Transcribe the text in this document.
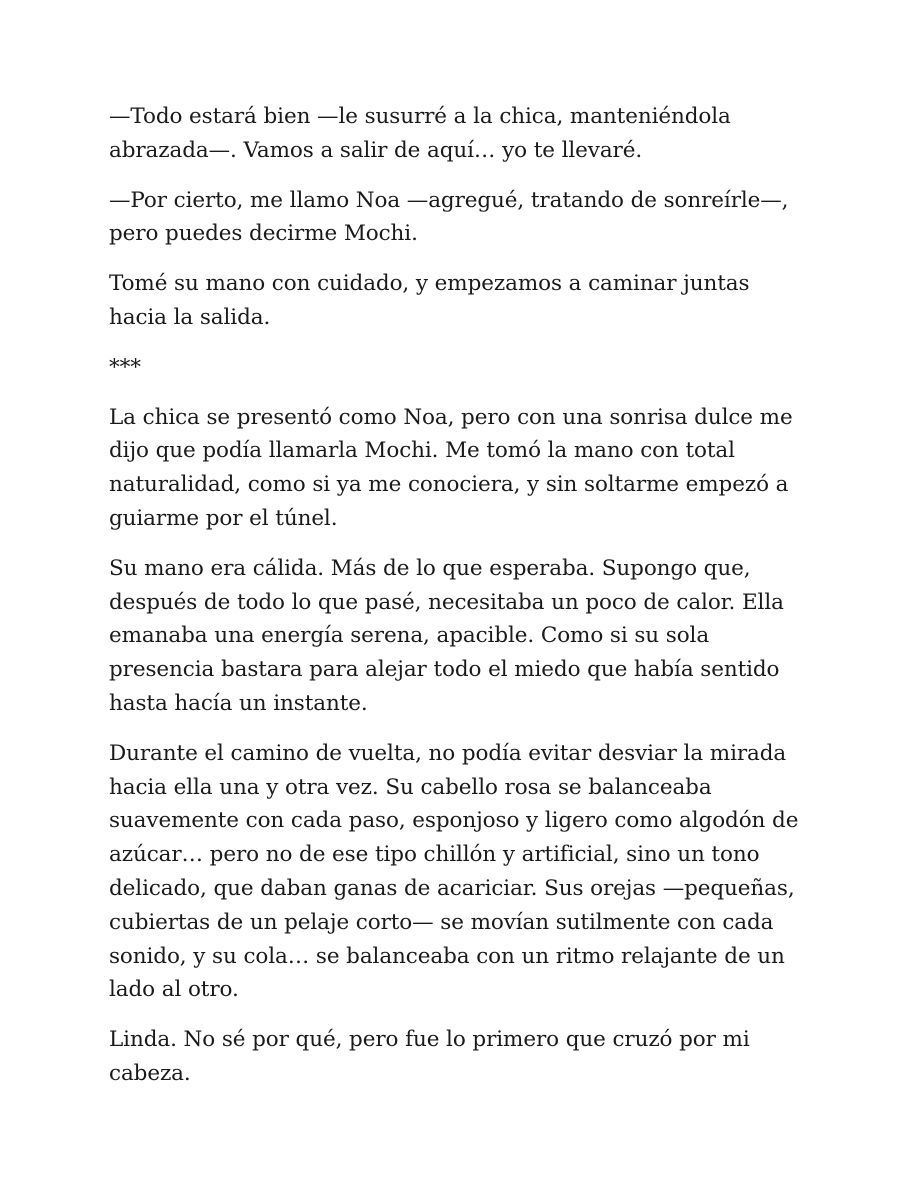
—Todo estará bien —le susurré a la chica, manteniéndola abrazada—. Vamos a salir de aquí… yo te llevaré.

—Por cierto, me llamo Noa —agregué, tratando de sonreírle—, pero puedes decirme Mochi.

Tomé su mano con cuidado, y empezamos a caminar juntas hacia la salida.

***

La chica se presentó como Noa, pero con una sonrisa dulce me dijo que podía llamarla Mochi. Me tomó la mano con total naturalidad, como si ya me conociera, y sin soltarme empezó a guiarme por el túnel.

Su mano era cálida. Más de lo que esperaba. Supongo que, después de todo lo que pasé, necesitaba un poco de calor. Ella emanaba una energía serena, apacible. Como si su sola presencia bastara para alejar todo el miedo que había sentido hasta hacía un instante.

Durante el camino de vuelta, no podía evitar desviar la mirada hacia ella una y otra vez. Su cabello rosa se balanceaba suavemente con cada paso, esponjoso y ligero como algodón de azúcar… pero no de ese tipo chillón y artificial, sino un tono delicado, que daban ganas de acariciar. Sus orejas —pequeñas, cubiertas de un pelaje corto— se movían sutilmente con cada sonido, y su cola… se balanceaba con un ritmo relajante de un lado al otro.

Linda. No sé por qué, pero fue lo primero que cruzó por mi cabeza.
